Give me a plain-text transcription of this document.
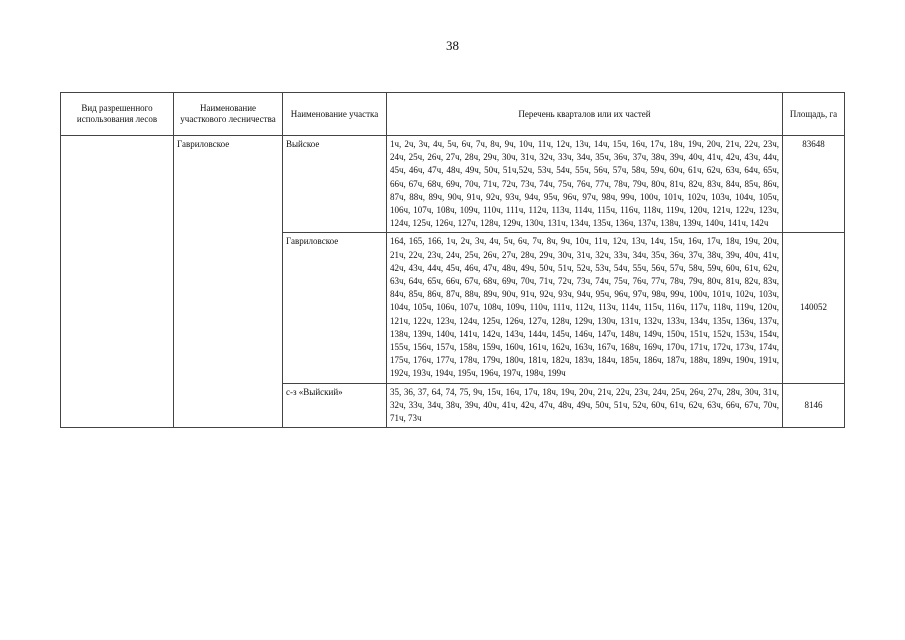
38
Вид разрешенного использования лесов	Наименование участкового лесничества	Наименование участка	Перечень кварталов или их частей	Площадь, га
	Гавриловское	Выйское	1ч, 2ч, 3ч, 4ч, 5ч, 6ч, 7ч, 8ч, 9ч, 10ч, 11ч, 12ч, 13ч, 14ч, 15ч, 16ч, 17ч, 18ч, 19ч, 20ч, 21ч, 22ч, 23ч, 24ч, 25ч, 26ч, 27ч, 28ч, 29ч, 30ч, 31ч, 32ч, 33ч, 34ч, 35ч, 36ч, 37ч, 38ч, 39ч, 40ч, 41ч, 42ч, 43ч, 44ч, 45ч, 46ч, 47ч, 48ч, 49ч, 50ч, 51ч,52ч, 53ч, 54ч, 55ч, 56ч, 57ч, 58ч, 59ч, 60ч, 61ч, 62ч, 63ч, 64ч, 65ч, 66ч, 67ч, 68ч, 69ч, 70ч, 71ч, 72ч, 73ч, 74ч, 75ч, 76ч, 77ч, 78ч, 79ч, 80ч, 81ч, 82ч, 83ч, 84ч, 85ч, 86ч, 87ч, 88ч, 89ч, 90ч, 91ч, 92ч, 93ч, 94ч, 95ч, 96ч, 97ч, 98ч, 99ч, 100ч, 101ч, 102ч, 103ч, 104ч, 105ч, 106ч, 107ч, 108ч, 109ч, 110ч, 111ч, 112ч, 113ч, 114ч, 115ч, 116ч, 118ч, 119ч, 120ч, 121ч, 122ч, 123ч, 124ч, 125ч, 126ч, 127ч, 128ч, 129ч, 130ч, 131ч, 134ч, 135ч, 136ч, 137ч, 138ч, 139ч, 140ч, 141ч, 142ч	83648
		Гавриловское	164, 165, 166, 1ч, 2ч, 3ч, 4ч, 5ч, 6ч, 7ч, 8ч, 9ч, 10ч, 11ч, 12ч, 13ч, 14ч, 15ч, 16ч, 17ч, 18ч, 19ч, 20ч, 21ч, 22ч, 23ч, 24ч, 25ч, 26ч, 27ч, 28ч, 29ч, 30ч, 31ч, 32ч, 33ч, 34ч, 35ч, 36ч, 37ч, 38ч, 39ч, 40ч, 41ч, 42ч, 43ч, 44ч, 45ч, 46ч, 47ч, 48ч, 49ч, 50ч, 51ч, 52ч, 53ч, 54ч, 55ч, 56ч, 57ч, 58ч, 59ч, 60ч, 61ч, 62ч, 63ч, 64ч, 65ч, 66ч, 67ч, 68ч, 69ч, 70ч, 71ч, 72ч, 73ч, 74ч, 75ч, 76ч, 77ч, 78ч, 79ч, 80ч, 81ч, 82ч, 83ч, 84ч, 85ч, 86ч, 87ч, 88ч, 89ч, 90ч, 91ч, 92ч, 93ч, 94ч, 95ч, 96ч, 97ч, 98ч, 99ч, 100ч, 101ч, 102ч, 103ч, 104ч, 105ч, 106ч, 107ч, 108ч, 109ч, 110ч, 111ч, 112ч, 113ч, 114ч, 115ч, 116ч, 117ч, 118ч, 119ч, 120ч, 121ч, 122ч, 123ч, 124ч, 125ч, 126ч, 127ч, 128ч, 129ч, 130ч, 131ч, 132ч, 133ч, 134ч, 135ч, 136ч, 137ч, 138ч, 139ч, 140ч, 141ч, 142ч, 143ч, 144ч, 145ч, 146ч, 147ч, 148ч, 149ч, 150ч, 151ч, 152ч, 153ч, 154ч, 155ч, 156ч, 157ч, 158ч, 159ч, 160ч, 161ч, 162ч, 163ч, 167ч, 168ч, 169ч, 170ч, 171ч, 172ч, 173ч, 174ч, 175ч, 176ч, 177ч, 178ч, 179ч, 180ч, 181ч, 182ч, 183ч, 184ч, 185ч, 186ч, 187ч, 188ч, 189ч, 190ч, 191ч, 192ч, 193ч, 194ч, 195ч, 196ч, 197ч, 198ч, 199ч	140052
		с-з «Выйский»	35, 36, 37, 64, 74, 75, 9ч, 15ч, 16ч, 17ч, 18ч, 19ч, 20ч, 21ч, 22ч, 23ч, 24ч, 25ч, 26ч, 27ч, 28ч, 30ч, 31ч, 32ч, 33ч, 34ч, 38ч, 39ч, 40ч, 41ч, 42ч, 47ч, 48ч, 49ч, 50ч, 51ч, 52ч, 60ч, 61ч, 62ч, 63ч, 66ч, 67ч, 70ч, 71ч, 73ч	8146
